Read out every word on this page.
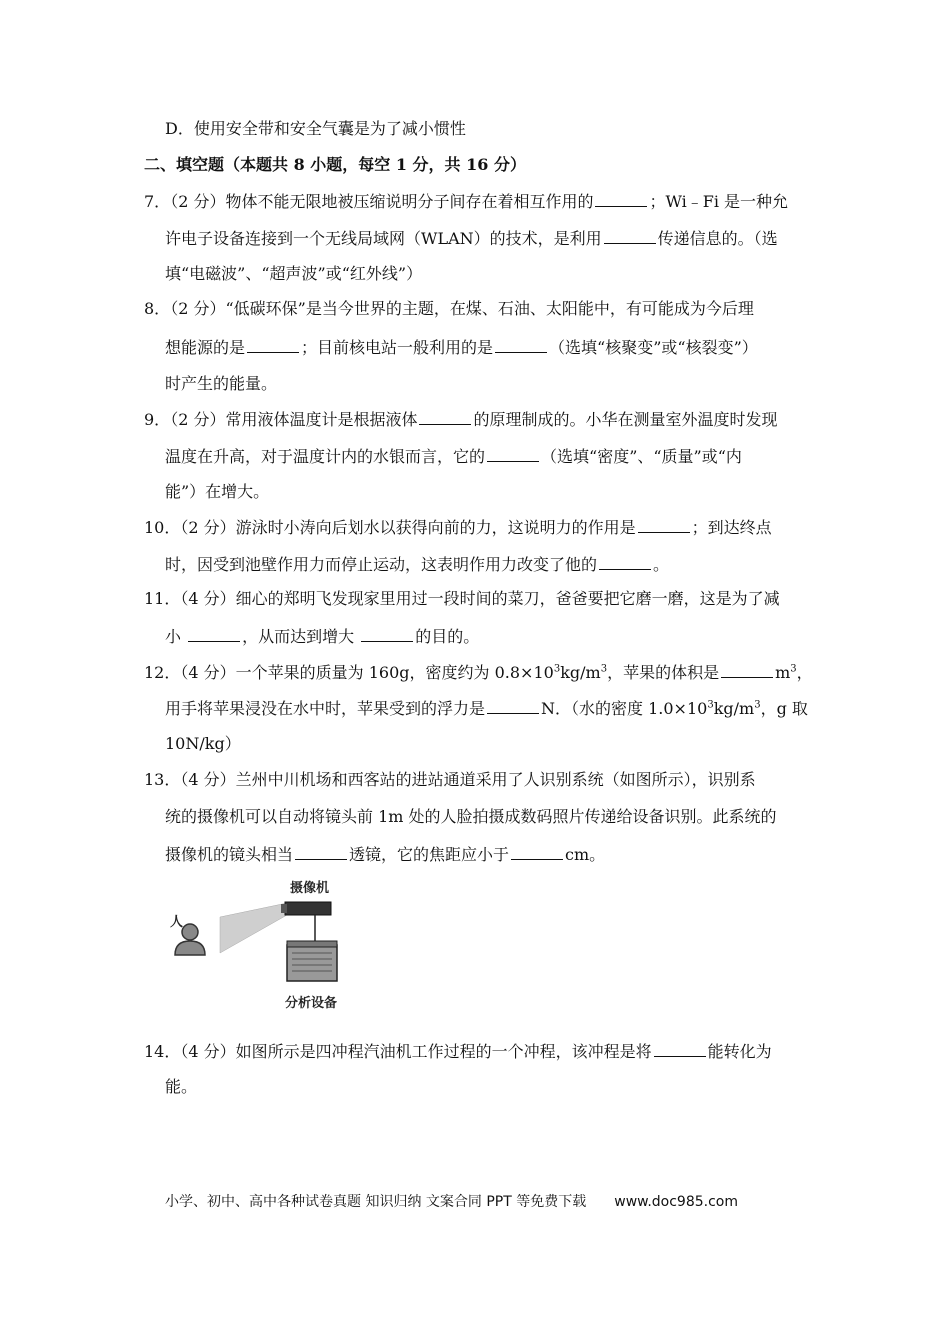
D．使用安全带和安全气囊是为了减小惯性
二、填空题（本题共 8 小题，每空 1 分，共 16 分）
7．（2 分）物体不能无限地被压缩说明分子间存在着相互作用的	；Wi﹣Fi 是一种允
许电子设备连接到一个无线局域网（WLAN）的技术，是利用	传递信息的。（选
填“电磁波”、“超声波”或“红外线”）
8．（2 分）“低碳环保”是当今世界的主题，在煤、石油、太阳能中，有可能成为今后理
想能源的是	；目前核电站一般利用的是	（选填“核聚变”或“核裂变”）
时产生的能量。
9．（2 分）常用液体温度计是根据液体	的原理制成的。小华在测量室外温度时发现
温度在升高，对于温度计内的水银而言，它的	（选填“密度”、“质量”或“内
能”）在增大。
10．（2 分）游泳时小涛向后划水以获得向前的力，这说明力的作用是	；到达终点
时，因受到池壁作用力而停止运动，这表明作用力改变了他的	。
11．（4 分）细心的郑明飞发现家里用过一段时间的菜刀，爸爸要把它磨一磨，这是为了减
小	，从而达到增大	的目的。
12．（4 分）一个苹果的质量为 160g，密度约为 $0.8\times 10^3kg/m^3$，苹果的体积是	$m^3$，
用手将苹果浸没在水中时，苹果受到的浮力是	N．（水的密度 $1.0\times 10^3kg/m^3$，g 取
10N/kg）
13．（4 分）兰州中川机场和西客站的进站通道采用了人识别系统（如图所示），识别系
统的摄像机可以自动将镜头前 1m 处的人脸拍摄成数码照片传递给设备识别。此系统的
摄像机的镜头相当	透镜，它的焦距应小于	cm。
人
摄像机
分析设备
14．（4 分）如图所示是四冲程汽油机工作过程的一个冲程，该冲程是将	能转化为
能。
小学、初中、高中各种试卷真题 知识归纳 文案合同 PPT 等免费下载 www.doc985.com
